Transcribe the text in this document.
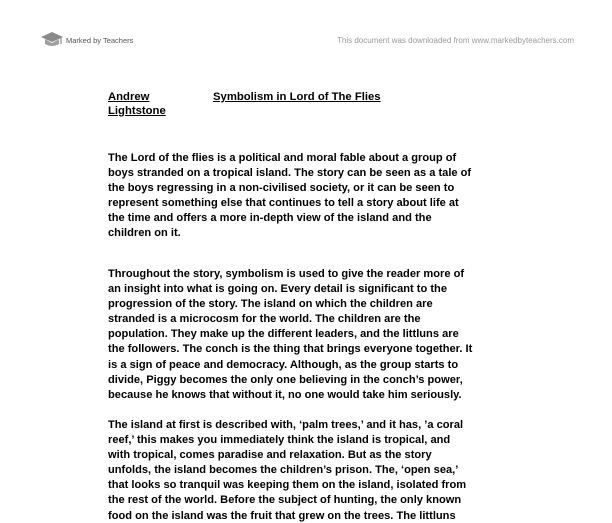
Marked by Teachers	This document was downloaded from www.markedbyteachers.com
Andrew
Lightstone
Symbolism in Lord of The Flies

The Lord of the flies is a political and moral fable about a group of
boys stranded on a tropical island. The story can be seen as a tale of
the boys regressing in a non-civilised society, or it can be seen to
represent something else that continues to tell a story about life at
the time and offers a more in-depth view of the island and the
children on it.

Throughout the story, symbolism is used to give the reader more of
an insight into what is going on. Every detail is significant to the
progression of the story. The island on which the children are
stranded is a microcosm for the world. The children are the
population. They make up the different leaders, and the littluns are
the followers. The conch is the thing that brings everyone together. It
is a sign of peace and democracy. Although, as the group starts to
divide, Piggy becomes the only one believing in the conch’s power,
because he knows that without it, no one would take him seriously.

The island at first is described with, ‘palm trees,’ and it has, ’a coral
reef,’ this makes you immediately think the island is tropical, and
with tropical, comes paradise and relaxation. But as the story
unfolds, the island becomes the children’s prison. The, ‘open sea,’
that looks so tranquil was keeping them on the island, isolated from
the rest of the world. Before the subject of hunting, the only known
food on the island was the fruit that grew on the trees. The littluns
